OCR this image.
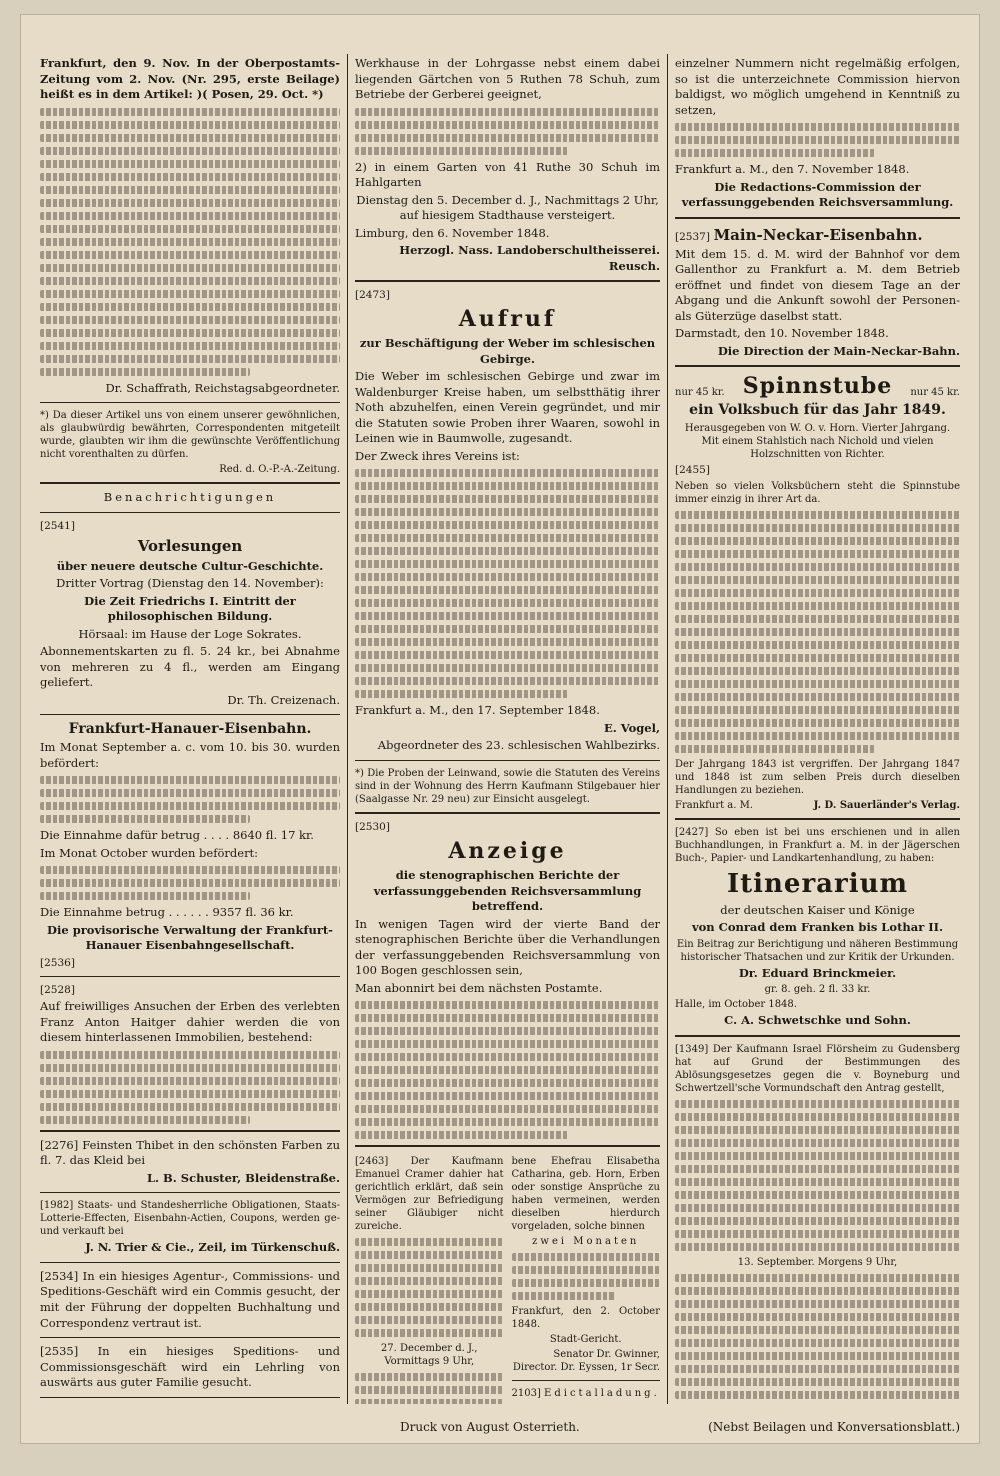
Frankfurt, den 9. Nov. In der Oberpostamts-Zeitung vom 2. Nov. (Nr. 295, erste Beilage) heißt es in dem Artikel: )( Posen, 29. Oct. *)

Dr. Schaffrath, Reichstagsabgeordneter.

*) Da dieser Artikel uns von einem unserer gewöhnlichen, als glaubwürdig bewährten, Correspondenten mitgeteilt wurde, glaubten wir ihm die gewünschte Veröffentlichung nicht vorenthalten zu dürfen.

Red. d. O.-P.-A.-Zeitung.

Benachrichtigungen

[2541]

Vorlesungen

über neuere deutsche Cultur-Geschichte.

Dritter Vortrag (Dienstag den 14. November):

Die Zeit Friedrichs I. Eintritt der philosophischen Bildung.

Hörsaal: im Hause der Loge Sokrates.

Abonnementskarten zu fl. 5. 24 kr., bei Abnahme von mehreren zu 4 fl., werden am Eingang geliefert.

Dr. Th. Creizenach.

Frankfurt-Hanauer-Eisenbahn.

Im Monat September a. c. vom 10. bis 30. wurden befördert:

Die Einnahme dafür betrug . . . . 8640 fl. 17 kr.

Im Monat October wurden befördert:

Die Einnahme betrug . . . . . . 9357 fl. 36 kr.

Die provisorische Verwaltung der Frankfurt-Hanauer Eisenbahngesellschaft.

[2536]

[2528]

Auf freiwilliges Ansuchen der Erben des verlebten Franz Anton Haitger dahier werden die von diesem hinterlassenen Immobilien, bestehend:

[2276] Feinsten Thibet in den schönsten Farben zu fl. 7. das Kleid bei

L. B. Schuster, Bleidenstraße.

[1982] Staats- und Standesherrliche Obligationen, Staats-Lotterie-Effecten, Eisenbahn-Actien, Coupons, werden ge- und verkauft bei

J. N. Trier & Cie., Zeil, im Türkenschuß.

[2534] In ein hiesiges Agentur-, Commissions- und Speditions-Geschäft wird ein Commis gesucht, der mit der Führung der doppelten Buchhaltung und Correspondenz vertraut ist.

[2535] In ein hiesiges Speditions- und Commissionsgeschäft wird ein Lehrling von auswärts aus guter Familie gesucht.

Werkhause in der Lohrgasse nebst einem dabei liegenden Gärtchen von 5 Ruthen 78 Schuh, zum Betriebe der Gerberei geeignet,

2) in einem Garten von 41 Ruthe 30 Schuh im Hahlgarten

Dienstag den 5. December d. J., Nachmittags 2 Uhr, auf hiesigem Stadthause versteigert.

Limburg, den 6. November 1848.

Herzogl. Nass. Landoberschultheisserei. Reusch.

[2473]

Aufruf

zur Beschäftigung der Weber im schlesischen Gebirge.

Die Weber im schlesischen Gebirge und zwar im Waldenburger Kreise haben, um selbstthätig ihrer Noth abzuhelfen, einen Verein gegründet, und mir die Statuten sowie Proben ihrer Waaren, sowohl in Leinen wie in Baumwolle, zugesandt.

Der Zweck ihres Vereins ist:

Frankfurt a. M., den 17. September 1848.

E. Vogel,

Abgeordneter des 23. schlesischen Wahlbezirks.

*) Die Proben der Leinwand, sowie die Statuten des Vereins sind in der Wohnung des Herrn Kaufmann Stilgebauer hier (Saalgasse Nr. 29 neu) zur Einsicht ausgelegt.

[2530]

Anzeige

die stenographischen Berichte der verfassunggebenden Reichsversammlung betreffend.

In wenigen Tagen wird der vierte Band der stenographischen Berichte über die Verhandlungen der verfassunggebenden Reichsversammlung von 100 Bogen geschlossen sein,

Man abonnirt bei dem nächsten Postamte.

[2463] Der Kaufmann Emanuel Cramer dahier hat gerichtlich erklärt, daß sein Vermögen zur Befriedigung seiner Gläubiger nicht zureiche.

27. December d. J., Vormittags 9 Uhr,

bene Ehefrau Elisabetha Catharina, geb. Horn, Erben oder sonstige Ansprüche zu haben vermeinen, werden dieselben hierdurch vorgeladen, solche binnen

zwei Monaten

Frankfurt, den 2. October 1848.

Stadt-Gericht.

Senator Dr. Gwinner, Director. Dr. Eyssen, 1r Secr.

2103] Edictalladung.

einzelner Nummern nicht regelmäßig erfolgen, so ist die unterzeichnete Commission hiervon baldigst, wo möglich umgehend in Kenntniß zu setzen,

Frankfurt a. M., den 7. November 1848.

Die Redactions-Commission der verfassunggebenden Reichsversammlung.

[2537] Main-Neckar-Eisenbahn.

Mit dem 15. d. M. wird der Bahnhof vor dem Gallenthor zu Frankfurt a. M. dem Betrieb eröffnet und findet von diesem Tage an der Abgang und die Ankunft sowohl der Personen- als Güterzüge daselbst statt.

Darmstadt, den 10. November 1848.

Die Direction der Main-Neckar-Bahn.

nur 45 kr. Spinnstube nur 45 kr.

ein Volksbuch für das Jahr 1849.

Herausgegeben von W. O. v. Horn. Vierter Jahrgang. Mit einem Stahlstich nach Nichold und vielen Holzschnitten von Richter.

[2455]

Neben so vielen Volksbüchern steht die Spinnstube immer einzig in ihrer Art da.

Der Jahrgang 1843 ist vergriffen. Der Jahrgang 1847 und 1848 ist zum selben Preis durch dieselben Handlungen zu beziehen.

Frankfurt a. M.	J. D. Sauerländer's Verlag.

[2427] So eben ist bei uns erschienen und in allen Buchhandlungen, in Frankfurt a. M. in der Jägerschen Buch-, Papier- und Landkartenhandlung, zu haben:

Itinerarium

der deutschen Kaiser und Könige

von Conrad dem Franken bis Lothar II.

Ein Beitrag zur Berichtigung und näheren Bestimmung historischer Thatsachen und zur Kritik der Urkunden.

Dr. Eduard Brinckmeier.

gr. 8. geh. 2 fl. 33 kr.

Halle, im October 1848.

C. A. Schwetschke und Sohn.

[1349] Der Kaufmann Israel Flörsheim zu Gudensberg hat auf Grund der Bestimmungen des Ablösungsgesetzes gegen die v. Boyneburg und Schwertzell'sche Vormundschaft den Antrag gestellt,

13. September. Morgens 9 Uhr,

Druck von August Osterrieth.	(Nebst Beilagen und Konversationsblatt.)
